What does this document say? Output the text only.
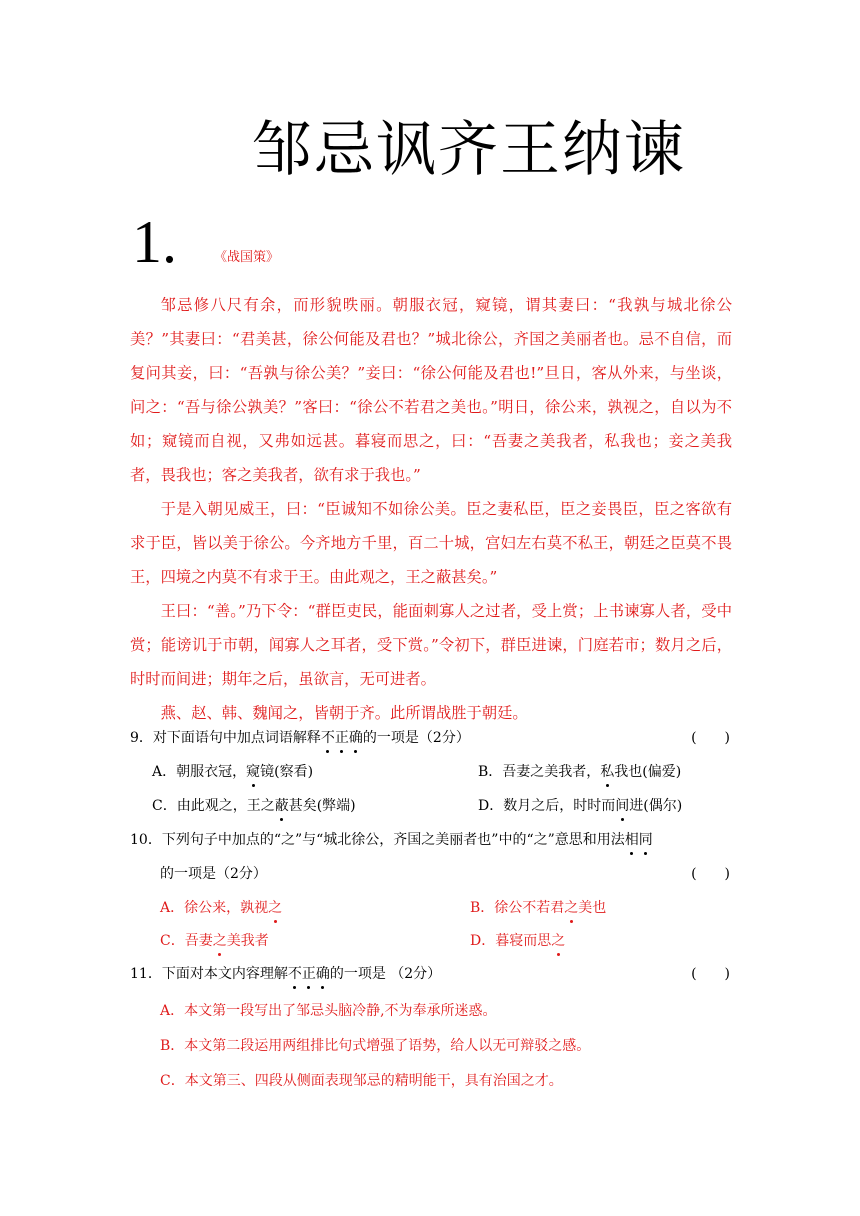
邹忌讽齐王纳谏
1.	《战国策》

邹忌修八尺有余，而形貌昳丽。朝服衣冠，窥镜，谓其妻曰：“我孰与城北徐公美？”其妻曰：“君美甚，徐公何能及君也？”城北徐公，齐国之美丽者也。忌不自信，而复问其妾，曰：“吾孰与徐公美？”妾曰：“徐公何能及君也!”旦日，客从外来，与坐谈，问之：“吾与徐公孰美？”客曰：“徐公不若君之美也。”明日，徐公来，孰视之，自以为不如；窥镜而自视，又弗如远甚。暮寝而思之，曰：“吾妻之美我者，私我也；妾之美我者，畏我也；客之美我者，欲有求于我也。”

于是入朝见威王，曰：“臣诚知不如徐公美。臣之妻私臣，臣之妾畏臣，臣之客欲有求于臣，皆以美于徐公。今齐地方千里，百二十城，宫妇左右莫不私王，朝廷之臣莫不畏王，四境之内莫不有求于王。由此观之，王之蔽甚矣。”

王曰：“善。”乃下令：“群臣吏民，能面刺寡人之过者，受上赏；上书谏寡人者，受中赏；能谤讥于市朝，闻寡人之耳者，受下赏。”令初下，群臣进谏，门庭若市；数月之后，时时而间进；期年之后，虽欲言，无可进者。

燕、赵、韩、魏闻之，皆朝于齐。此所谓战胜于朝廷。

9．对下面语句中加点词语解释不正确的一项是（2分）	(　　)
A．朝服衣冠，窥镜(察看)	B．吾妻之美我者，私我也(偏爱)
C．由此观之，王之蔽甚矣(弊端)	D．数月之后，时时而间进(偶尔)
10．下列句子中加点的“之”与“城北徐公，齐国之美丽者也”中的“之”意思和用法相同
的一项是（2分）	(　　)
A．徐公来，孰视之	B．徐公不若君之美也
C．吾妻之美我者	D．暮寝而思之
11．下面对本文内容理解不正确的一项是 （2分）	(　　)
A．本文第一段写出了邹忌头脑冷静,不为奉承所迷惑。
B．本文第二段运用两组排比句式增强了语势，给人以无可辩驳之感。
C．本文第三、四段从侧面表现邹忌的精明能干，具有治国之才。
